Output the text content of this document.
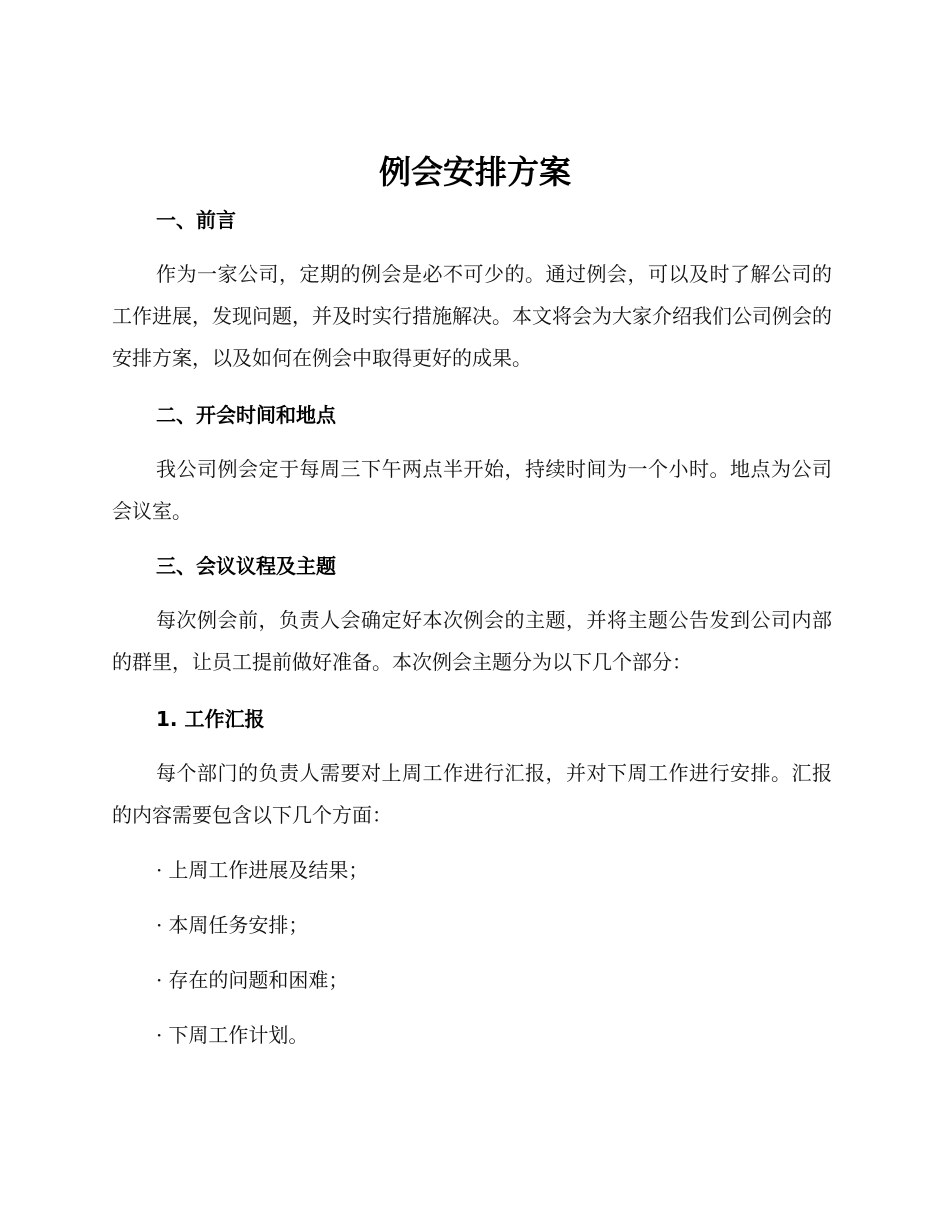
例会安排方案
一、前言
作为一家公司，定期的例会是必不可少的。通过例会，可以及时了解公司的工作进展，发现问题，并及时实行措施解决。本文将会为大家介绍我们公司例会的安排方案，以及如何在例会中取得更好的成果。
二、开会时间和地点
我公司例会定于每周三下午两点半开始，持续时间为一个小时。地点为公司会议室。
三、会议议程及主题
每次例会前，负责人会确定好本次例会的主题，并将主题公告发到公司内部的群里，让员工提前做好准备。本次例会主题分为以下几个部分：
1. 工作汇报
每个部门的负责人需要对上周工作进行汇报，并对下周工作进行安排。汇报的内容需要包含以下几个方面：
· 上周工作进展及结果；
· 本周任务安排；
· 存在的问题和困难；
· 下周工作计划。
